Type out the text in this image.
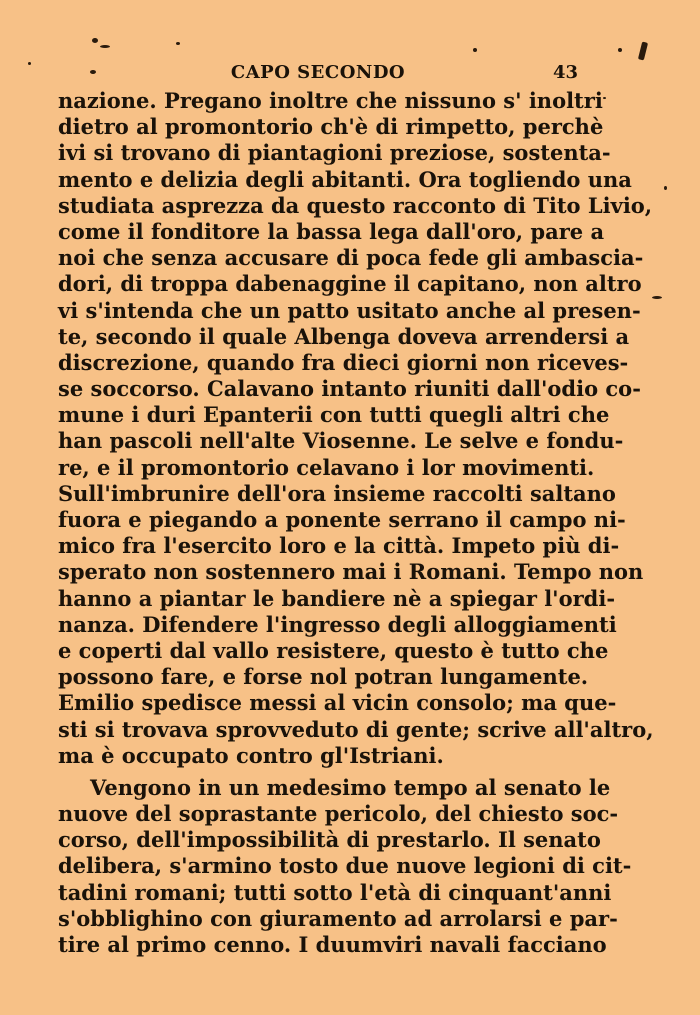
CAPO SECONDO	43
nazione. Pregano inoltre che nissuno s' inoltri
dietro al promontorio ch'è di rimpetto, perchè
ivi si trovano di piantagioni preziose, sostenta-
mento e delizia degli abitanti. Ora togliendo una
studiata asprezza da questo racconto di Tito Livio,
come il fonditore la bassa lega dall'oro, pare a
noi che senza accusare di poca fede gli ambascia-
dori, di troppa dabenaggine il capitano, non altro
vi s'intenda che un patto usitato anche al presen-
te, secondo il quale Albenga doveva arrendersi a
discrezione, quando fra dieci giorni non riceves-
se soccorso. Calavano intanto riuniti dall'odio co-
mune i duri Epanterii con tutti quegli altri che
han pascoli nell'alte Viosenne. Le selve e fondu-
re, e il promontorio celavano i lor movimenti.
Sull'imbrunire dell'ora insieme raccolti saltano
fuora e piegando a ponente serrano il campo ni-
mico fra l'esercito loro e la città. Impeto più di-
sperato non sostennero mai i Romani. Tempo non
hanno a piantar le bandiere nè a spiegar l'ordi-
nanza. Difendere l'ingresso degli alloggiamenti
e coperti dal vallo resistere, questo è tutto che
possono fare, e forse nol potran lungamente.
Emilio spedisce messi al vicin consolo; ma que-
sti si trovava sprovveduto di gente; scrive all'altro,
ma è occupato contro gl'Istriani.
Vengono in un medesimo tempo al senato le
nuove del soprastante pericolo, del chiesto soc-
corso, dell'impossibilità di prestarlo. Il senato
delibera, s'armino tosto due nuove legioni di cit-
tadini romani; tutti sotto l'età di cinquant'anni
s'obblighino con giuramento ad arrolarsi e par-
tire al primo cenno. I duumviri navali facciano
